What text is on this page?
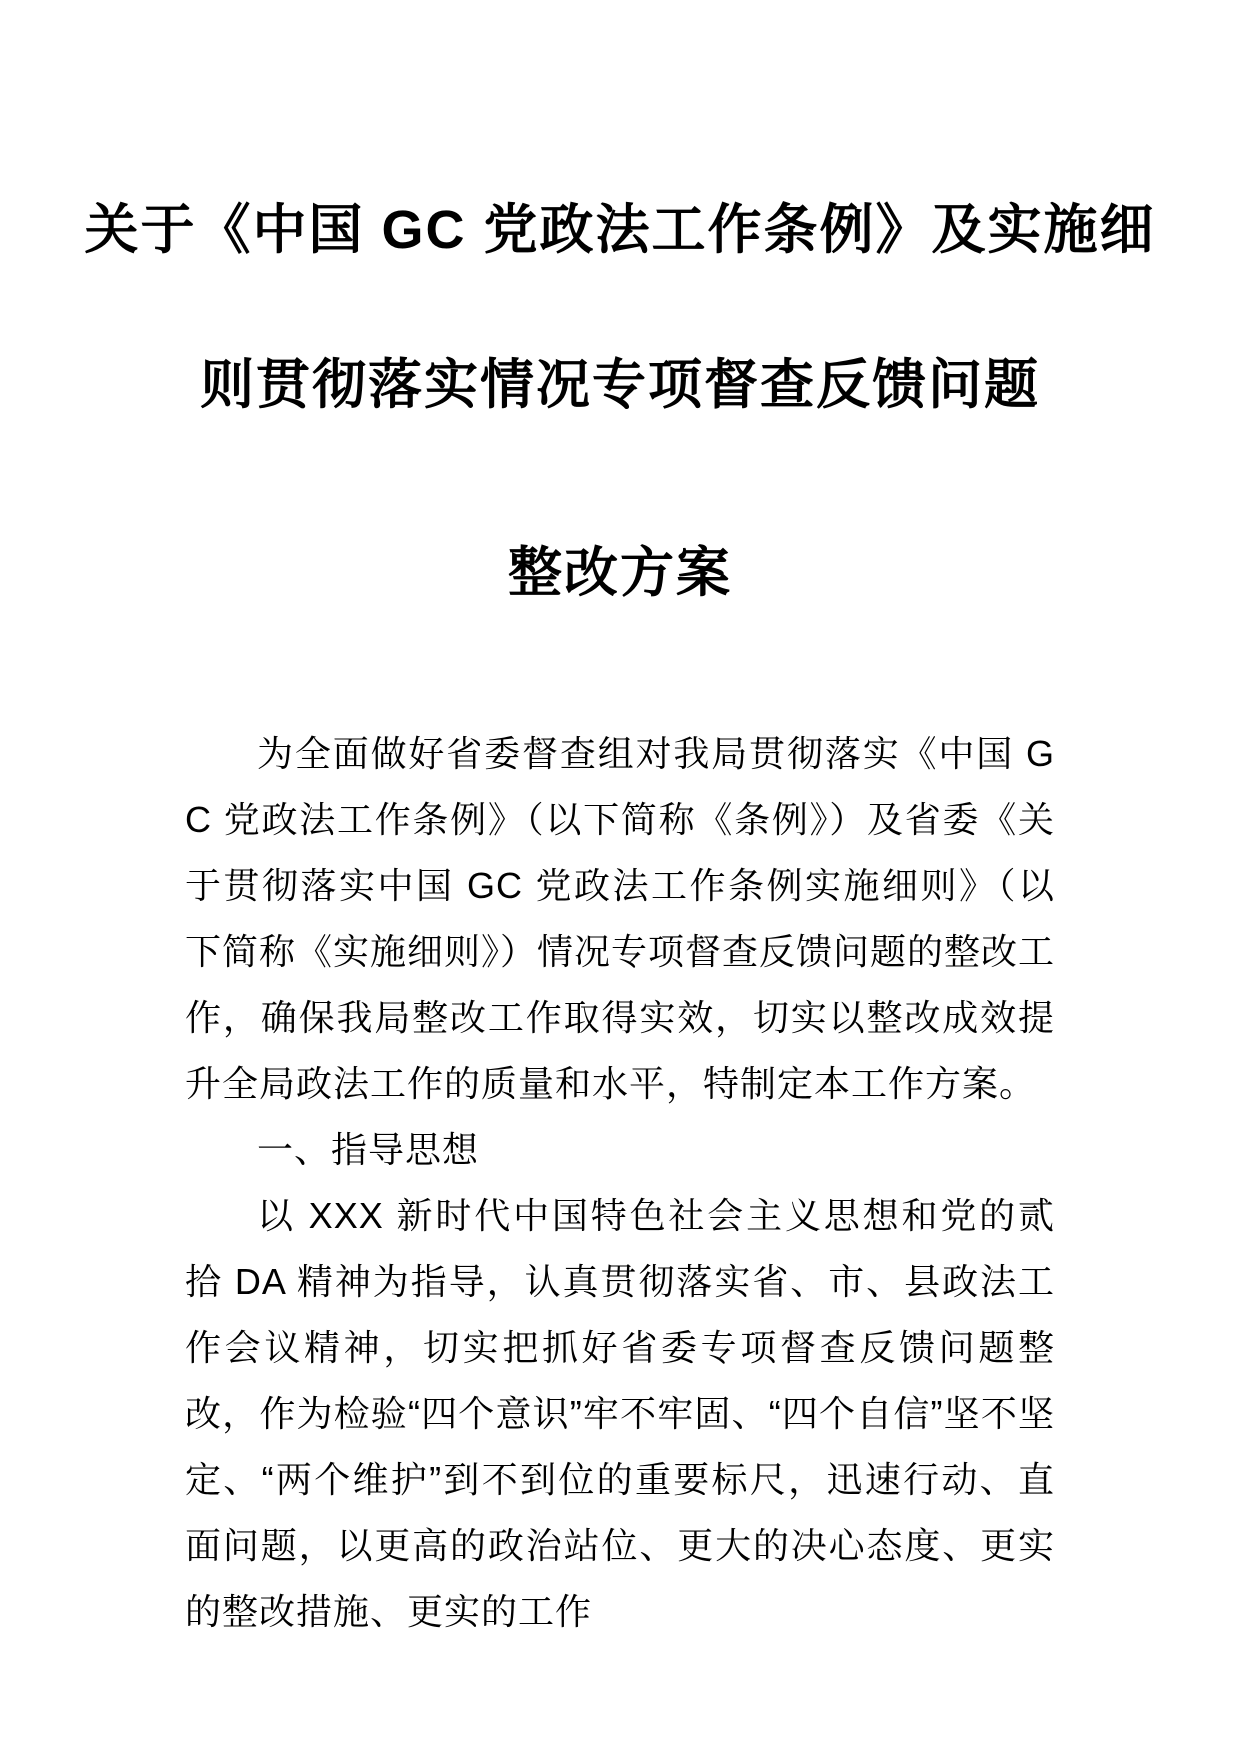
关于《中国 GC 党政法工作条例》及实施细
则贯彻落实情况专项督查反馈问题
整改方案

为全面做好省委督查组对我局贯彻落实《中国 GC 党政法工作条例》（以下简称《条例》）及省委《关于贯彻落实中国 GC 党政法工作条例实施细则》（以下简称《实施细则》）情况专项督查反馈问题的整改工作，确保我局整改工作取得实效，切实以整改成效提升全局政法工作的质量和水平，特制定本工作方案。

一、指导思想

以 XXX 新时代中国特色社会主义思想和党的贰拾 DA 精神为指导，认真贯彻落实省、市、县政法工作会议精神，切实把抓好省委专项督查反馈问题整改，作为检验“四个意识”牢不牢固、“四个自信”坚不坚定、“两个维护”到不到位的重要标尺，迅速行动、直面问题，以更高的政治站位、更大的决心态度、更实的整改措施、更实的工作
